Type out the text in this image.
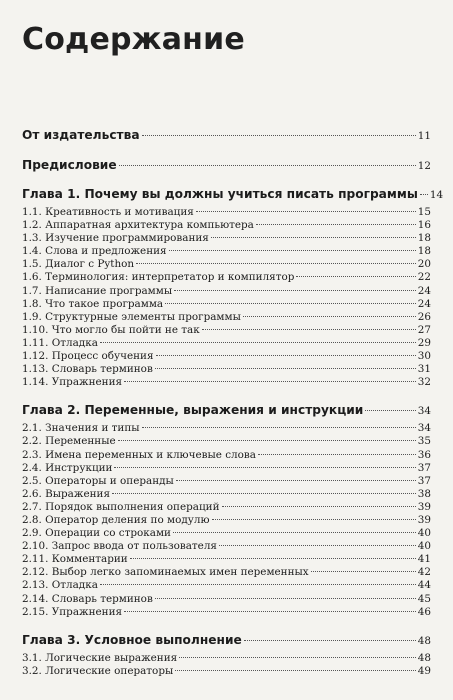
Содержание
От издательства	11
Предисловие	12
Глава 1. Почему вы должны учиться писать программы 14
1.1. Креативность и мотивация	15
1.2. Аппаратная архитектура компьютера	16
1.3. Изучение программирования	18
1.4. Слова и предложения	18
1.5. Диалог с Python	20
1.6. Терминология: интерпретатор и компилятор	22
1.7. Написание программы	24
1.8. Что такое программа	24
1.9. Структурные элементы программы	26
1.10. Что могло бы пойти не так	27
1.11. Отладка	29
1.12. Процесс обучения	30
1.13. Словарь терминов	31
1.14. Упражнения	32
Глава 2. Переменные, выражения и инструкции	34
2.1. Значения и типы	34
2.2. Переменные	35
2.3. Имена переменных и ключевые слова	36
2.4. Инструкции	37
2.5. Операторы и операнды	37
2.6. Выражения	38
2.7. Порядок выполнения операций	39
2.8. Оператор деления по модулю	39
2.9. Операции со строками	40
2.10. Запрос ввода от пользователя	40
2.11. Комментарии	41
2.12. Выбор легко запоминаемых имен переменных	42
2.13. Отладка	44
2.14. Словарь терминов	45
2.15. Упражнения	46
Глава 3. Условное выполнение	48
3.1. Логические выражения	48
3.2. Логические операторы	49
